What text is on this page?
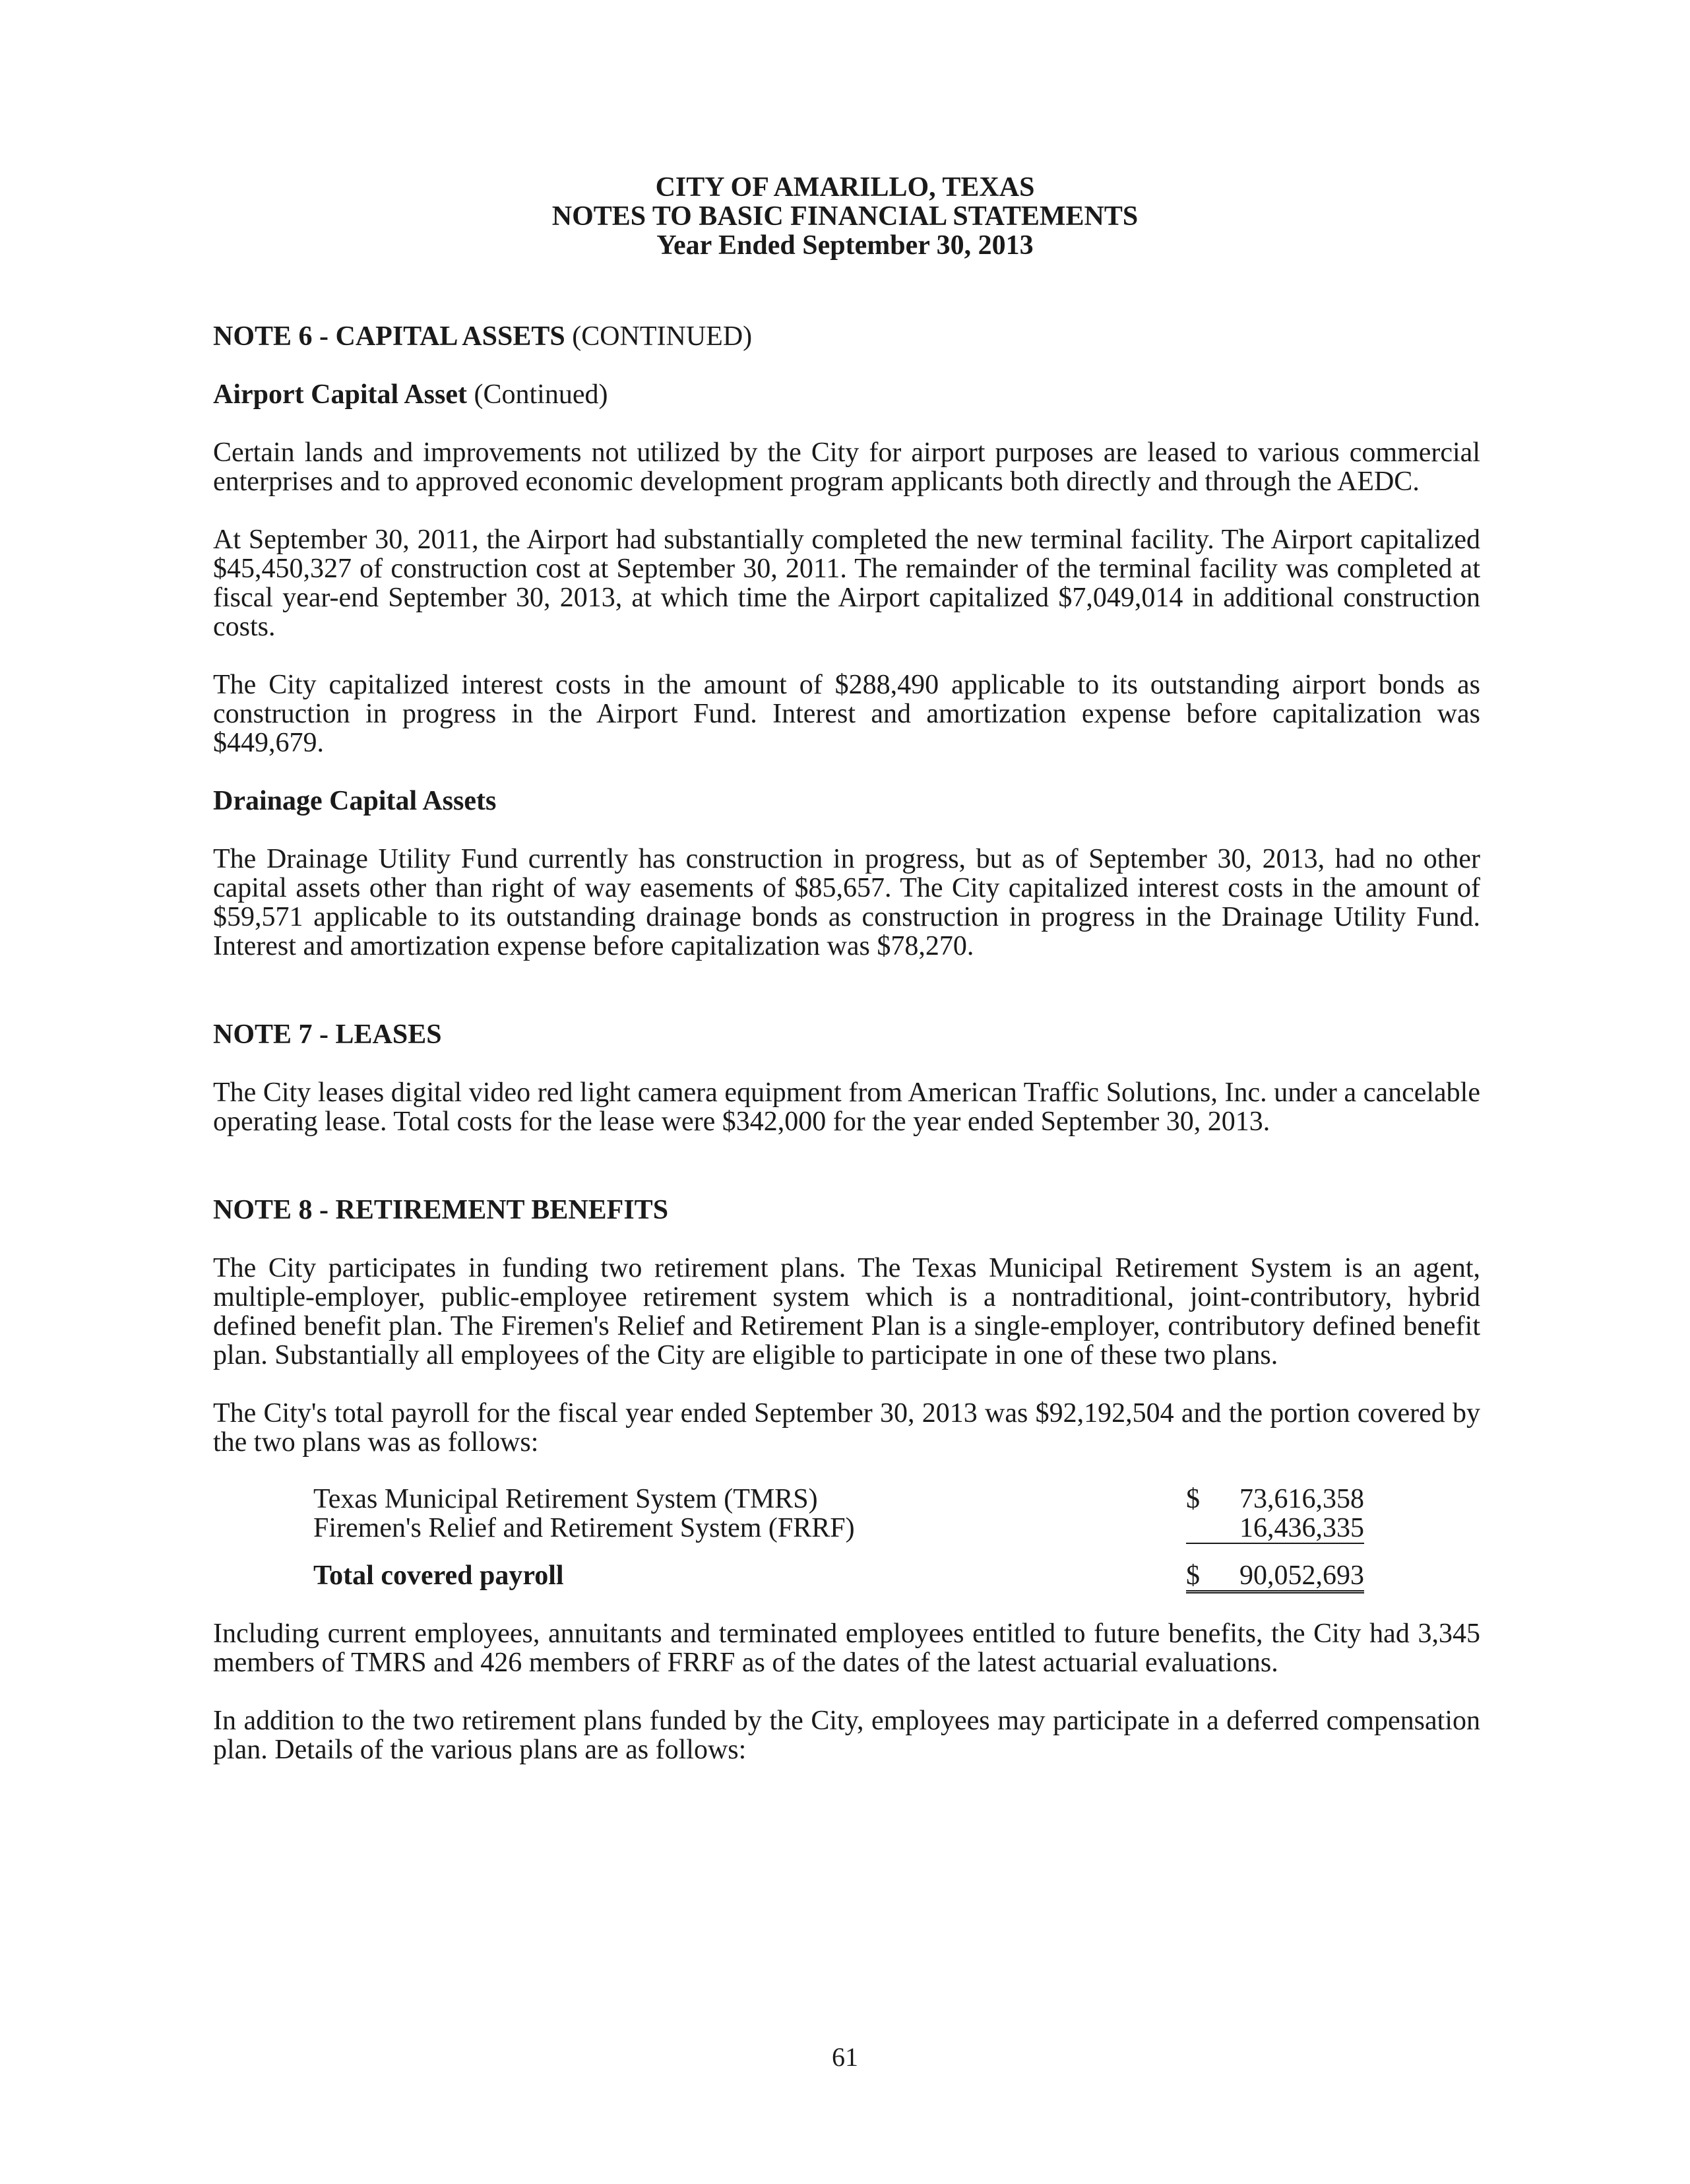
CITY OF AMARILLO, TEXAS
NOTES TO BASIC FINANCIAL STATEMENTS
Year Ended September 30, 2013
NOTE 6 - CAPITAL ASSETS (CONTINUED)
Airport Capital Asset (Continued)

Certain lands and improvements not utilized by the City for airport purposes are leased to various commercial enterprises and to approved economic development program applicants both directly and through the AEDC.

At September 30, 2011, the Airport had substantially completed the new terminal facility. The Airport capitalized $45,450,327 of construction cost at September 30, 2011. The remainder of the terminal facility was completed at fiscal year-end September 30, 2013, at which time the Airport capitalized $7,049,014 in additional construction costs.

The City capitalized interest costs in the amount of $288,490 applicable to its outstanding airport bonds as construction in progress in the Airport Fund. Interest and amortization expense before capitalization was $449,679.

Drainage Capital Assets

The Drainage Utility Fund currently has construction in progress, but as of September 30, 2013, had no other capital assets other than right of way easements of $85,657. The City capitalized interest costs in the amount of $59,571 applicable to its outstanding drainage bonds as construction in progress in the Drainage Utility Fund. Interest and amortization expense before capitalization was $78,270.

NOTE 7 - LEASES

The City leases digital video red light camera equipment from American Traffic Solutions, Inc. under a cancelable operating lease. Total costs for the lease were $342,000 for the year ended September 30, 2013.

NOTE 8 - RETIREMENT BENEFITS

The City participates in funding two retirement plans. The Texas Municipal Retirement System is an agent, multiple-employer, public-employee retirement system which is a nontraditional, joint-contributory, hybrid defined benefit plan. The Firemen's Relief and Retirement Plan is a single-employer, contributory defined benefit plan. Substantially all employees of the City are eligible to participate in one of these two plans.

The City's total payroll for the fiscal year ended September 30, 2013 was $92,192,504 and the portion covered by the two plans was as follows:

Texas Municipal Retirement System (TMRS)	$ 73,616,358
Firemen's Relief and Retirement System (FRRF)	16,436,335
Total covered payroll	$ 90,052,693

Including current employees, annuitants and terminated employees entitled to future benefits, the City had 3,345 members of TMRS and 426 members of FRRF as of the dates of the latest actuarial evaluations.

In addition to the two retirement plans funded by the City, employees may participate in a deferred compensation plan. Details of the various plans are as follows:

61
